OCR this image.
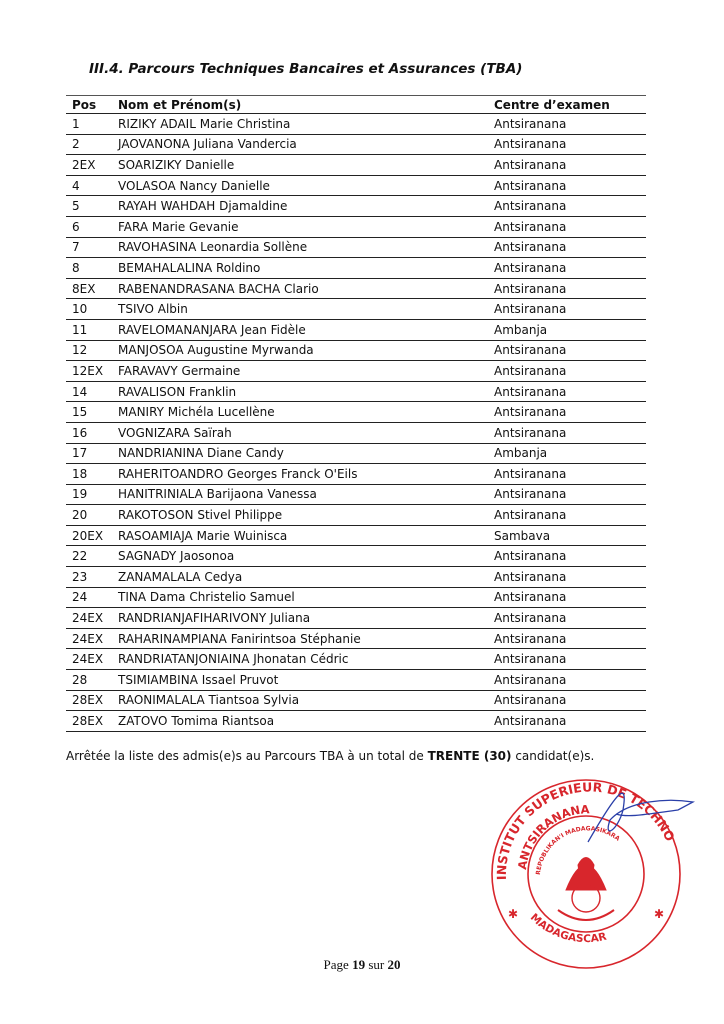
III.4. Parcours Techniques Bancaires et Assurances (TBA)
Pos	Nom et Prénom(s)	Centre d’examen
1	RIZIKY ADAIL Marie Christina	Antsiranana
2	JAOVANONA Juliana Vandercia	Antsiranana
2EX	SOARIZIKY Danielle	Antsiranana
4	VOLASOA Nancy Danielle	Antsiranana
5	RAYAH WAHDAH Djamaldine	Antsiranana
6	FARA Marie Gevanie	Antsiranana
7	RAVOHASINA Leonardia Sollène	Antsiranana
8	BEMAHALALINA Roldino	Antsiranana
8EX	RABENANDRASANA BACHA Clario	Antsiranana
10	TSIVO Albin	Antsiranana
11	RAVELOMANANJARA Jean Fidèle	Ambanja
12	MANJOSOA Augustine Myrwanda	Antsiranana
12EX	FARAVAVY Germaine	Antsiranana
14	RAVALISON Franklin	Antsiranana
15	MANIRY Michéla Lucellène	Antsiranana
16	VOGNIZARA Saïrah	Antsiranana
17	NANDRIANINA Diane Candy	Ambanja
18	RAHERITOANDRO Georges Franck O'Eils	Antsiranana
19	HANITRINIALA Barijaona Vanessa	Antsiranana
20	RAKOTOSON Stivel Philippe	Antsiranana
20EX	RASOAMIAJA Marie Wuinisca	Sambava
22	SAGNADY Jaosonoa	Antsiranana
23	ZANAMALALA Cedya	Antsiranana
24	TINA Dama Christelio Samuel	Antsiranana
24EX	RANDRIANJAFIHARIVONY Juliana	Antsiranana
24EX	RAHARINAMPIANA Fanirintsoa Stéphanie	Antsiranana
24EX	RANDRIATANJONIAINA Jhonatan Cédric	Antsiranana
28	TSIMIAMBINA Issael Pruvot	Antsiranana
28EX	RAONIMALALA Tiantsoa Sylvia	Antsiranana
28EX	ZATOVO Tomima Riantsoa	Antsiranana
Arrêtée la liste des admis(e)s au Parcours TBA à un total de TRENTE (30) candidat(e)s.
INSTITUT SUPERIEUR DE TECHNO
ANTSIRANANA
REPOBLIKAN'I MADAGASIKARA
MADAGASCAR
✱	✱
Page 19 sur 20
